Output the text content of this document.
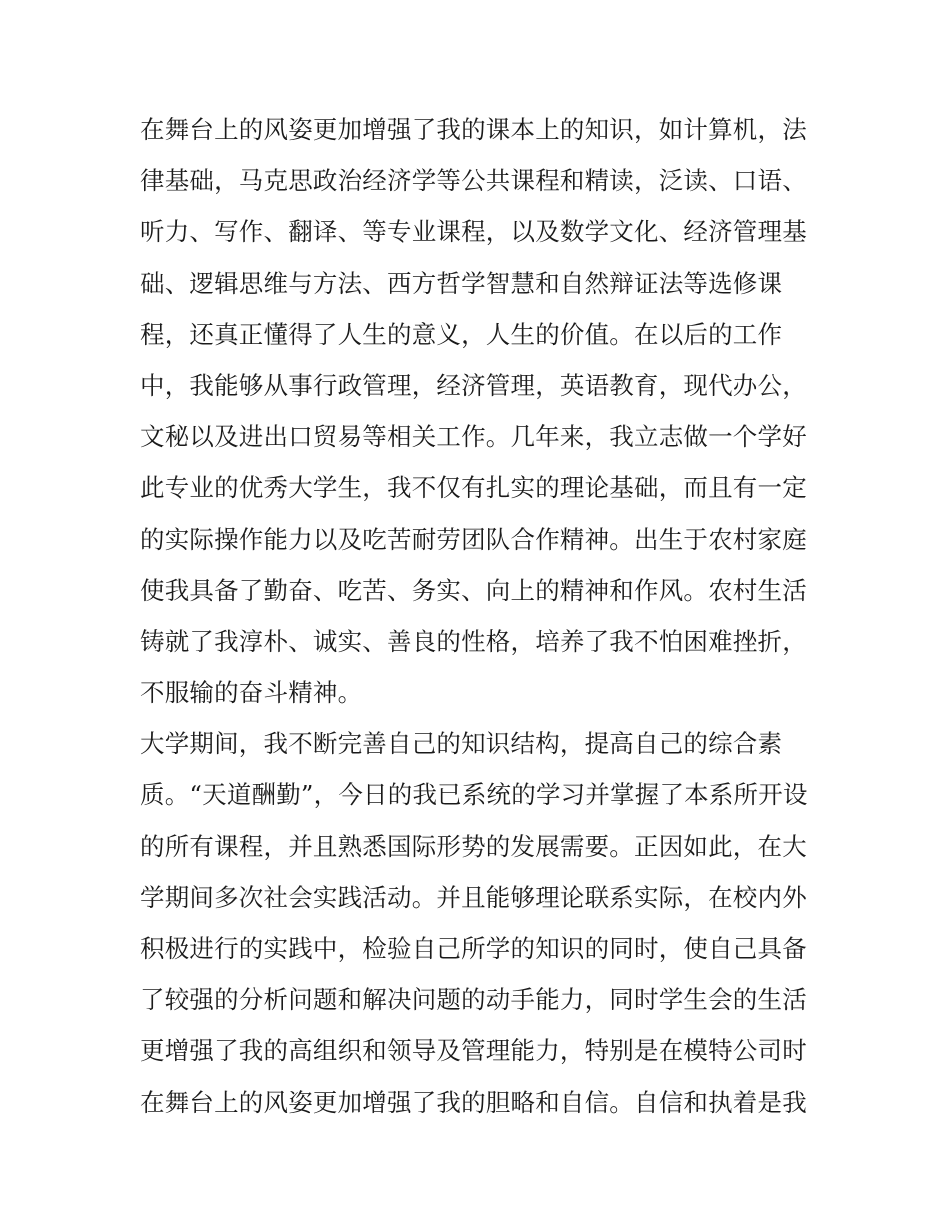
在舞台上的风姿更加增强了我的课本上的知识，如计算机，法
律基础，马克思政治经济学等公共课程和精读，泛读、口语、
听力、写作、翻译、等专业课程，以及数学文化、经济管理基
础、逻辑思维与方法、西方哲学智慧和自然辩证法等选修课
程，还真正懂得了人生的意义，人生的价值。在以后的工作
中，我能够从事行政管理，经济管理，英语教育，现代办公，
文秘以及进出口贸易等相关工作。几年来，我立志做一个学好
此专业的优秀大学生，我不仅有扎实的理论基础，而且有一定
的实际操作能力以及吃苦耐劳团队合作精神。出生于农村家庭
使我具备了勤奋、吃苦、务实、向上的精神和作风。农村生活
铸就了我淳朴、诚实、善良的性格，培养了我不怕困难挫折，
不服输的奋斗精神。
大学期间，我不断完善自己的知识结构，提高自己的综合素
质。“天道酬勤”，今日的我已系统的学习并掌握了本系所开设
的所有课程，并且熟悉国际形势的发展需要。正因如此，在大
学期间多次社会实践活动。并且能够理论联系实际，在校内外
积极进行的实践中，检验自己所学的知识的同时，使自己具备
了较强的分析问题和解决问题的动手能力，同时学生会的生活
更增强了我的高组织和领导及管理能力，特别是在模特公司时
在舞台上的风姿更加增强了我的胆略和自信。自信和执着是我
